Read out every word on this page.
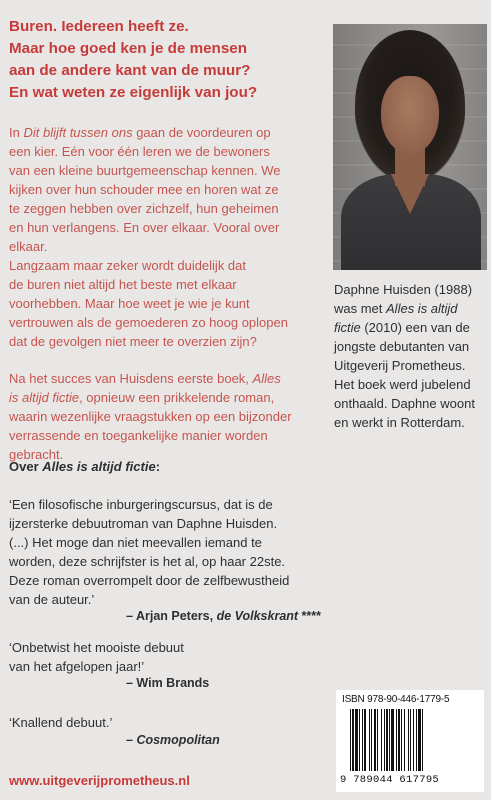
Buren. Iedereen heeft ze.
Maar hoe goed ken je de mensen
aan de andere kant van de muur?
En wat weten ze eigenlijk van jou?
In Dit blijft tussen ons gaan de voordeuren op
een kier. Eén voor één leren we de bewoners
van een kleine buurtgemeenschap kennen. We
kijken over hun schouder mee en horen wat ze
te zeggen hebben over zichzelf, hun geheimen
en hun verlangens. En over elkaar. Vooral over
elkaar.
Langzaam maar zeker wordt duidelijk dat
de buren niet altijd het beste met elkaar
voorhebben. Maar hoe weet je wie je kunt
vertrouwen als de gemoederen zo hoog oplopen
dat de gevolgen niet meer te overzien zijn?
Na het succes van Huisdens eerste boek, Alles
is altijd fictie, opnieuw een prikkelende roman,
waarin wezenlijke vraagstukken op een bijzonder
verrassende en toegankelijke manier worden
gebracht.
Daphne Huisden (1988)
was met Alles is altijd
fictie (2010) een van de
jongste debutanten van
Uitgeverij Prometheus.
Het boek werd jubelend
onthaald. Daphne woont
en werkt in Rotterdam.
Over Alles is altijd fictie:
‘Een filosofische inburgeringscursus, dat is de
ijzersterke debuutroman van Daphne Huisden.
(...) Het moge dan niet meevallen iemand te
worden, deze schrijfster is het al, op haar 22ste.
Deze roman overrompelt door de zelfbewustheid
van de auteur.’
– Arjan Peters, de Volkskrant ****
‘Onbetwist het mooiste debuut
van het afgelopen jaar!’
– Wim Brands
‘Knallend debuut.’
– Cosmopolitan
www.uitgeverijprometheus.nl
ISBN 978-90-446-1779-5
9 789044 617795
